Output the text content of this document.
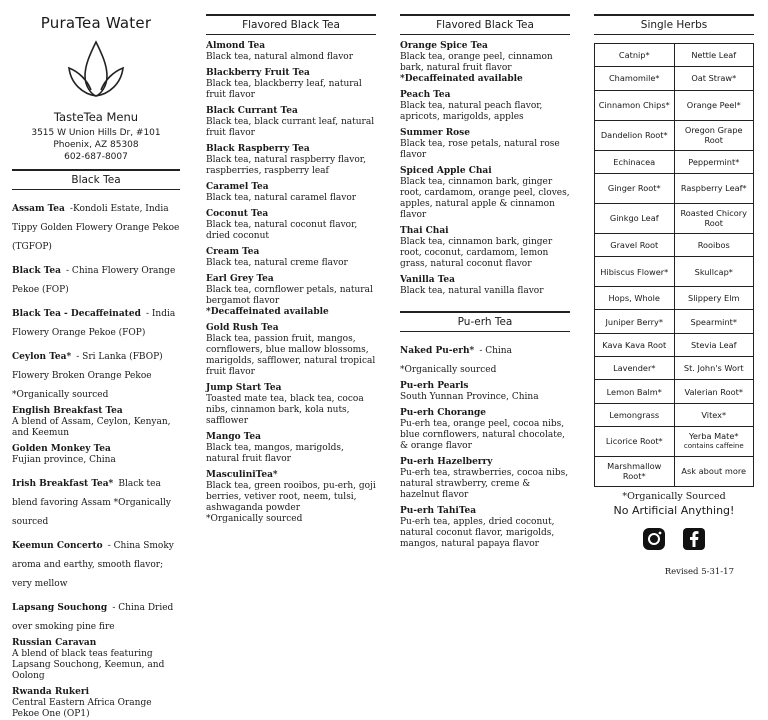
PuraTea Water
TasteTea Menu
3515 W Union Hills Dr, #101
Phoenix, AZ 85308
602-687-8007
Black Tea
Assam Tea -Kondoli Estate, India Tippy Golden Flowery Orange Pekoe (TGFOP)
Black Tea - China Flowery Orange Pekoe (FOP)
Black Tea - Decaffeinated - India Flowery Orange Pekoe (FOP)
Ceylon Tea* - Sri Lanka (FBOP) Flowery Broken Orange Pekoe *Organically sourced
English Breakfast Tea
A blend of Assam, Ceylon, Kenyan, and Keemun
Golden Monkey Tea
Fujian province, China
Irish Breakfast Tea* Black tea blend favoring Assam *Organically sourced
Keemun Concerto - China Smoky aroma and earthy, smooth flavor; very mellow
Lapsang Souchong - China Dried over smoking pine fire
Russian Caravan
A blend of black teas featuring Lapsang Souchong, Keemun, and Oolong
Rwanda Rukeri
Central Eastern Africa Orange Pekoe One (OP1)
Flavored Black Tea
Almond Tea
Black tea, natural almond flavor
Blackberry Fruit Tea
Black tea, blackberry leaf, natural fruit flavor
Black Currant Tea
Black tea, black currant leaf, natural fruit flavor
Black Raspberry Tea
Black tea, natural raspberry flavor, raspberries, raspberry leaf
Caramel Tea
Black tea, natural caramel flavor
Coconut Tea
Black tea, natural coconut flavor, dried coconut
Cream Tea
Black tea, natural creme flavor
Earl Grey Tea
Black tea, cornflower petals, natural bergamot flavor
*Decaffeinated available
Gold Rush Tea
Black tea, passion fruit, mangos, cornflowers, blue mallow blossoms, marigolds, safflower, natural tropical fruit flavor
Jump Start Tea
Toasted mate tea, black tea, cocoa nibs, cinnamon bark, kola nuts, safflower
Mango Tea
Black tea, mangos, marigolds, natural fruit flavor
MasculiniTea*
Black tea, green rooibos, pu-erh, goji berries, vetiver root, neem, tulsi, ashwaganda powder
*Organically sourced
Flavored Black Tea
Orange Spice Tea
Black tea, orange peel, cinnamon bark, natural fruit flavor
*Decaffeinated available
Peach Tea
Black tea, natural peach flavor, apricots, marigolds, apples
Summer Rose
Black tea, rose petals, natural rose flavor
Spiced Apple Chai
Black tea, cinnamon bark, ginger root, cardamom, orange peel, cloves, apples, natural apple & cinnamon flavor
Thai Chai
Black tea, cinnamon bark, ginger root, coconut, cardamom, lemon grass, natural coconut flavor
Vanilla Tea
Black tea, natural vanilla flavor
Pu-erh Tea
Naked Pu-erh* - China *Organically sourced
Pu-erh Pearls
South Yunnan Province, China
Pu-erh Chorange
Pu-erh tea, orange peel, cocoa nibs, blue cornflowers, natural chocolate, & orange flavor
Pu-erh Hazelberry
Pu-erh tea, strawberries, cocoa nibs, natural strawberry, creme & hazelnut flavor
Pu-erh TahiTea
Pu-erh tea, apples, dried coconut, natural coconut flavor, marigolds, mangos, natural papaya flavor
Single Herbs
Catnip*	Nettle Leaf
Chamomile*	Oat Straw*
Cinnamon Chips*	Orange Peel*
Dandelion Root*	Oregon Grape Root
Echinacea	Peppermint*
Ginger Root*	Raspberry Leaf*
Ginkgo Leaf	Roasted Chicory Root
Gravel Root	Rooibos
Hibiscus Flower*	Skullcap*
Hops, Whole	Slippery Elm
Juniper Berry*	Spearmint*
Kava Kava Root	Stevia Leaf
Lavender*	St. John's Wort
Lemon Balm*	Valerian Root*
Lemongrass	Vitex*
Licorice Root*	Yerba Mate*
contains caffeine

Marshmallow Root*	Ask about more
*Organically Sourced
No Artificial Anything!

Revised 5-31-17
